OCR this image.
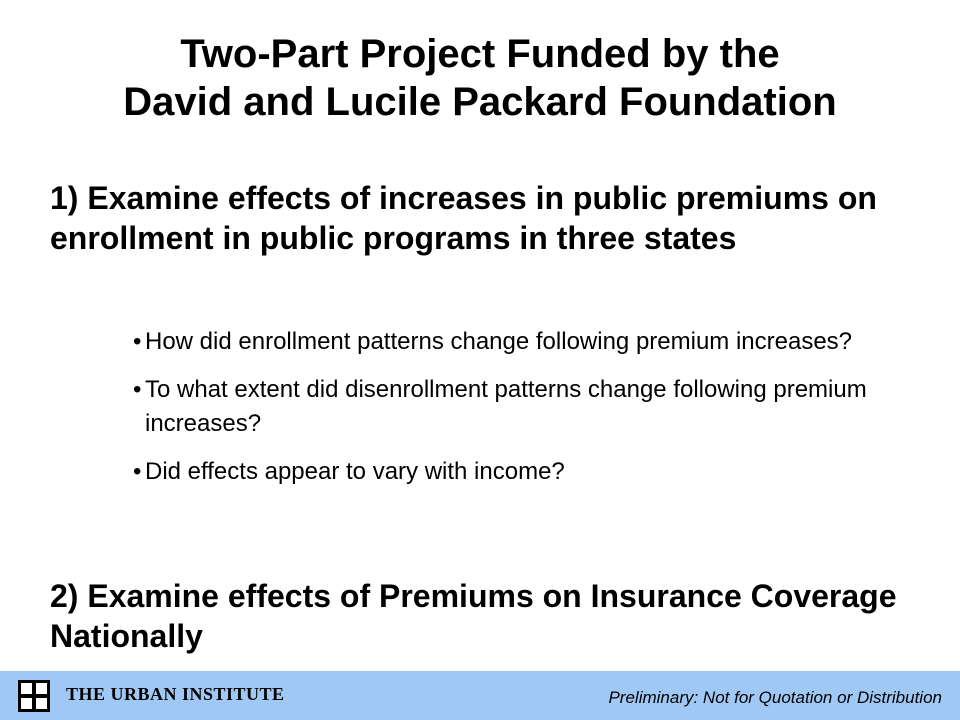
Two-Part Project Funded by the
David and Lucile Packard Foundation
1) Examine effects of increases in public premiums on enrollment in public programs in three states
• How did enrollment patterns change following premium increases?
• To what extent did disenrollment patterns change following premium increases?
• Did effects appear to vary with income?
2) Examine effects of Premiums on Insurance Coverage Nationally
THE URBAN INSTITUTE	Preliminary: Not for Quotation or Distribution
